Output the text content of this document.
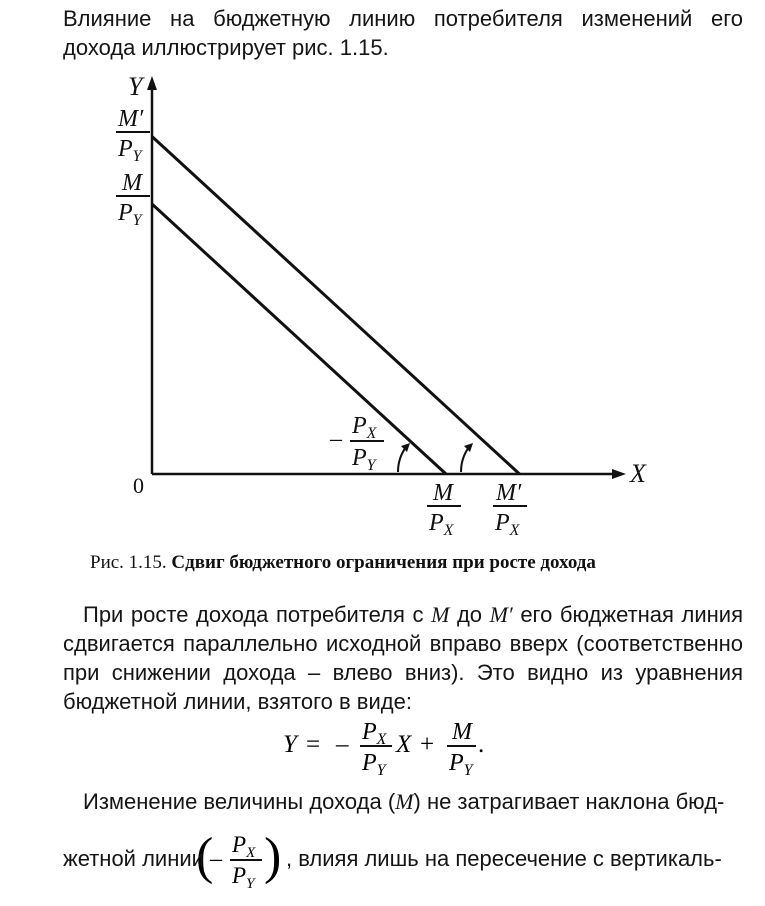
Влияние на бюджетную линию потребителя изменений его дохода иллюстрирует рис. 1.15.
Y
X
0
M′
$P_Y$
M
$P_Y$
M
$P_X$
M′
$P_X$
– $P_X$
$P_Y$
Рис. 1.15. Сдвиг бюджетного ограничения при росте дохода
При росте дохода потребителя с M до M′ его бюджетная линия сдвигается параллельно исходной вправо вверх (соответственно при снижении дохода – влево вниз). Это видно из уравнения бюджетной линии, взятого в виде:
Y = – $P_X$
$P_Y$
X + M
$P_Y$
.
(
–
$P_X$
$P_Y$ )
Изменение величины дохода (M) не затрагивает наклона бюд-
жетной линии	, влияя лишь на пересечение с вертикаль-
